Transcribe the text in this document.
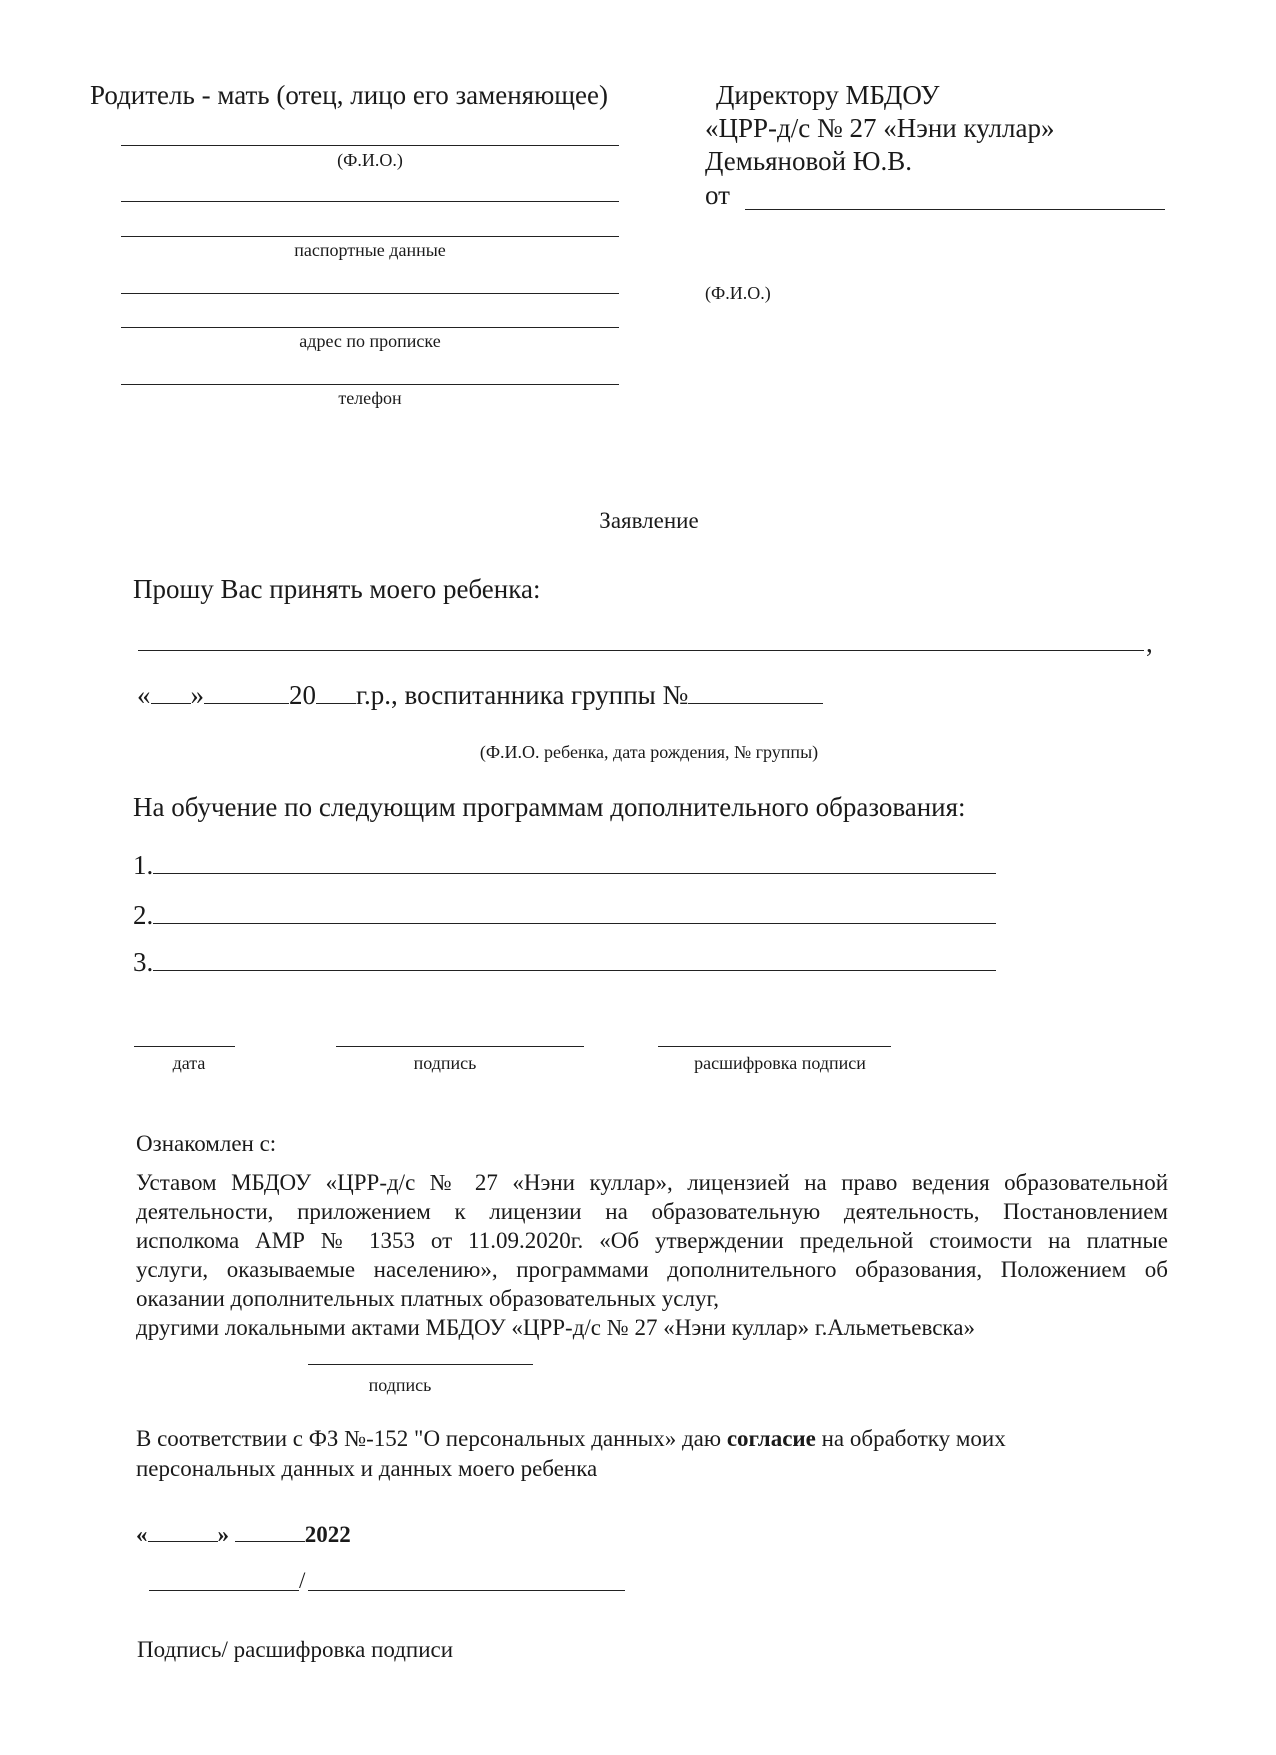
Родитель - мать (отец, лицо его заменяющее)
(Ф.И.О.)
паспортные данные
адрес по прописке
телефон
Директору МБДОУ
«ЦРР-д/с № 27 «Нэни куллар»
Демьяновой Ю.В.
от
(Ф.И.О.)
Заявление
Прошу Вас принять моего ребенка:
,
« »	20 г.р., воспитанника группы №
(Ф.И.О. ребенка, дата рождения, № группы)
На обучение по следующим программам дополнительного образования:
1.
2.
3.
дата	подпись	расшифровка подписи
Ознакомлен с:
Уставом МБДОУ «ЦРР-д/с № 27 «Нэни куллар», лицензией на право ведения образовательной
деятельности, приложением к лицензии на образовательную деятельность, Постановлением
исполкома АМР № 1353 от 11.09.2020г. «Об утверждении предельной стоимости на платные
услуги, оказываемые населению», программами дополнительного образования, Положением об
оказании дополнительных платных образовательных услуг,
другими локальными актами МБДОУ «ЦРР-д/с № 27 «Нэни куллар» г.Альметьевска»
подпись
В соответствии с ФЗ №-152 "О персональных данных» даю согласие на обработку моих
персональных данных и данных моего ребенка
«	»	2022
/
Подпись/ расшифровка подписи
